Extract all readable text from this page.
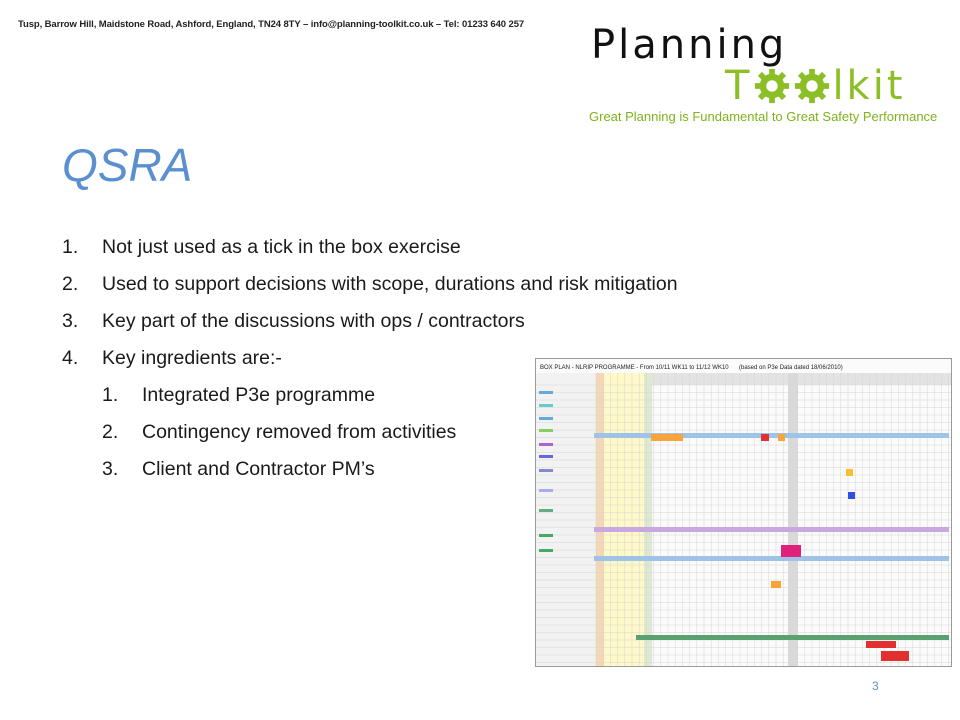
Tusp, Barrow Hill, Maidstone Road, Ashford, England, TN24 8TY – info@planning-toolkit.co.uk – Tel: 01233 640 257 Planning
T lkit
Great Planning is Fundamental to Great Safety Performance
QSRA
1. Not just used as a tick in the box exercise
2. Used to support decisions with scope, durations and risk mitigation
3. Key part of the discussions with ops / contractors
4. Key ingredients are:-
1. Integrated P3e programme
2. Contingency removed from activities
3. Client and Contractor PM’s
BOX PLAN - NLRIP PROGRAMME - From 10/11 WK11 to 11/12 WK10 (based on P3e Data dated 18/06/2010)
3
